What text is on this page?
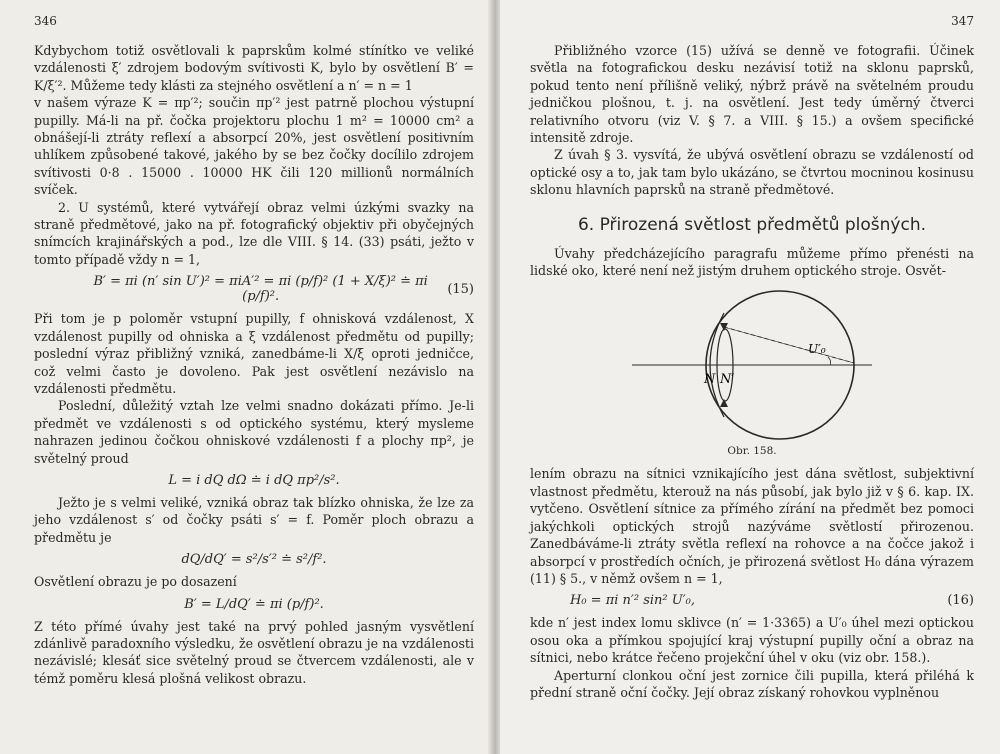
346

Kdybychom totiž osvětlovali k paprskům kolmé stínítko ve veliké vzdálenosti ξ′ zdrojem bodovým svítivosti K, bylo by osvětlení B′ = K/ξ′². Můžeme tedy klásti za stejného osvětlení a n′ = n = 1

v našem výraze K = πp′²; součin πp′² jest patrně plochou výstupní pupilly. Má-li na př. čočka projektoru plochu 1 m² = 10000 cm² a obnášejí-li ztráty reflexí a absorpcí 20%, jest osvětlení positivním uhlíkem způsobené takové, jakého by se bez čočky docílilo zdrojem svítivosti 0·8 . 15000 . 10000 HK čili 120 millionů normálních svíček.

2. U systémů, které vytvářejí obraz velmi úzkými svazky na straně předmětové, jako na př. fotografický objektiv při obyčejných snímcích krajinářských a pod., lze dle VIII. § 14. (33) psáti, ježto v tomto případě vždy n = 1,

B′ = πi (n′ sin U′)² = πiA′² = πi (p/f)² (1 + X/ξ)² ≐ πi (p/f)².	(15)

Při tom je p poloměr vstupní pupilly, f ohnisková vzdálenost, X vzdálenost pupilly od ohniska a ξ vzdálenost předmětu od pupilly; poslední výraz přibližný vzniká, zanedbáme-li X/ξ oproti jedničce, což velmi často je dovoleno. Pak jest osvětlení nezávislo na vzdálenosti předmětu.

Poslední, důležitý vztah lze velmi snadno dokázati přímo. Je-li předmět ve vzdálenosti s od optického systému, který mysleme nahrazen jedinou čočkou ohniskové vzdálenosti f a plochy πp², je světelný proud

L = i dQ dΩ ≐ i dQ πp²/s².

Ježto je s velmi veliké, vzniká obraz tak blízko ohniska, že lze za jeho vzdálenost s′ od čočky psáti s′ = f. Poměr ploch obrazu a předmětu je

dQ/dQ′ = s²/s′² ≐ s²/f².

Osvětlení obrazu je po dosazení

B′ = L/dQ′ ≐ πi (p/f)².

Z této přímé úvahy jest také na prvý pohled jasným vysvětlení zdánlivě paradoxního výsledku, že osvětlení obrazu je na vzdálenosti nezávislé; klesáť sice světelný proud se čtvercem vzdálenosti, ale v témž poměru klesá plošná velikost obrazu.

347

Přibližného vzorce (15) užívá se denně ve fotografii. Účinek světla na fotografickou desku nezávisí totiž na sklonu paprsků, pokud tento není přílišně veliký, nýbrž právě na světelném proudu jedničkou plošnou, t. j. na osvětlení. Jest tedy úměrný čtverci relativního otvoru (viz V. § 7. a VIII. § 15.) a ovšem specifické intensitě zdroje.

Z úvah § 3. vysvítá, že ubývá osvětlení obrazu se vzdáleností od optické osy a to, jak tam bylo ukázáno, se čtvrtou mocninou kosinusu sklonu hlavních paprsků na straně předmětové.

6. Přirozená světlost předmětů plošných.

Úvahy předcházejícího paragrafu můžeme přímo přenésti na lidské oko, které není než jistým druhem optického stroje. Osvět-

N N′
U′₀
Obr. 158.

lením obrazu na sítnici vznikajícího jest dána světlost, subjektivní vlastnost předmětu, kterouž na nás působí, jak bylo již v § 6. kap. IX. vytčeno. Osvětlení sítnice za přímého zírání na předmět bez pomoci jakýchkoli optických strojů nazýváme světlostí přirozenou. Zanedbáváme-li ztráty světla reflexí na rohovce a na čočce jakož i absorpcí v prostředích očních, je přirozená světlost H₀ dána výrazem (11) § 5., v němž ovšem n = 1,

H₀ = πi n′² sin² U′₀,	(16)

kde n′ jest index lomu sklivce (n′ = 1·3365) a U′₀ úhel mezi optickou osou oka a přímkou spojující kraj výstupní pupilly oční a obraz na sítnici, nebo krátce řečeno projekční úhel v oku (viz obr. 158.).

Aperturní clonkou oční jest zornice čili pupilla, která přiléhá k přední straně oční čočky. Její obraz získaný rohovkou vyplněnou
